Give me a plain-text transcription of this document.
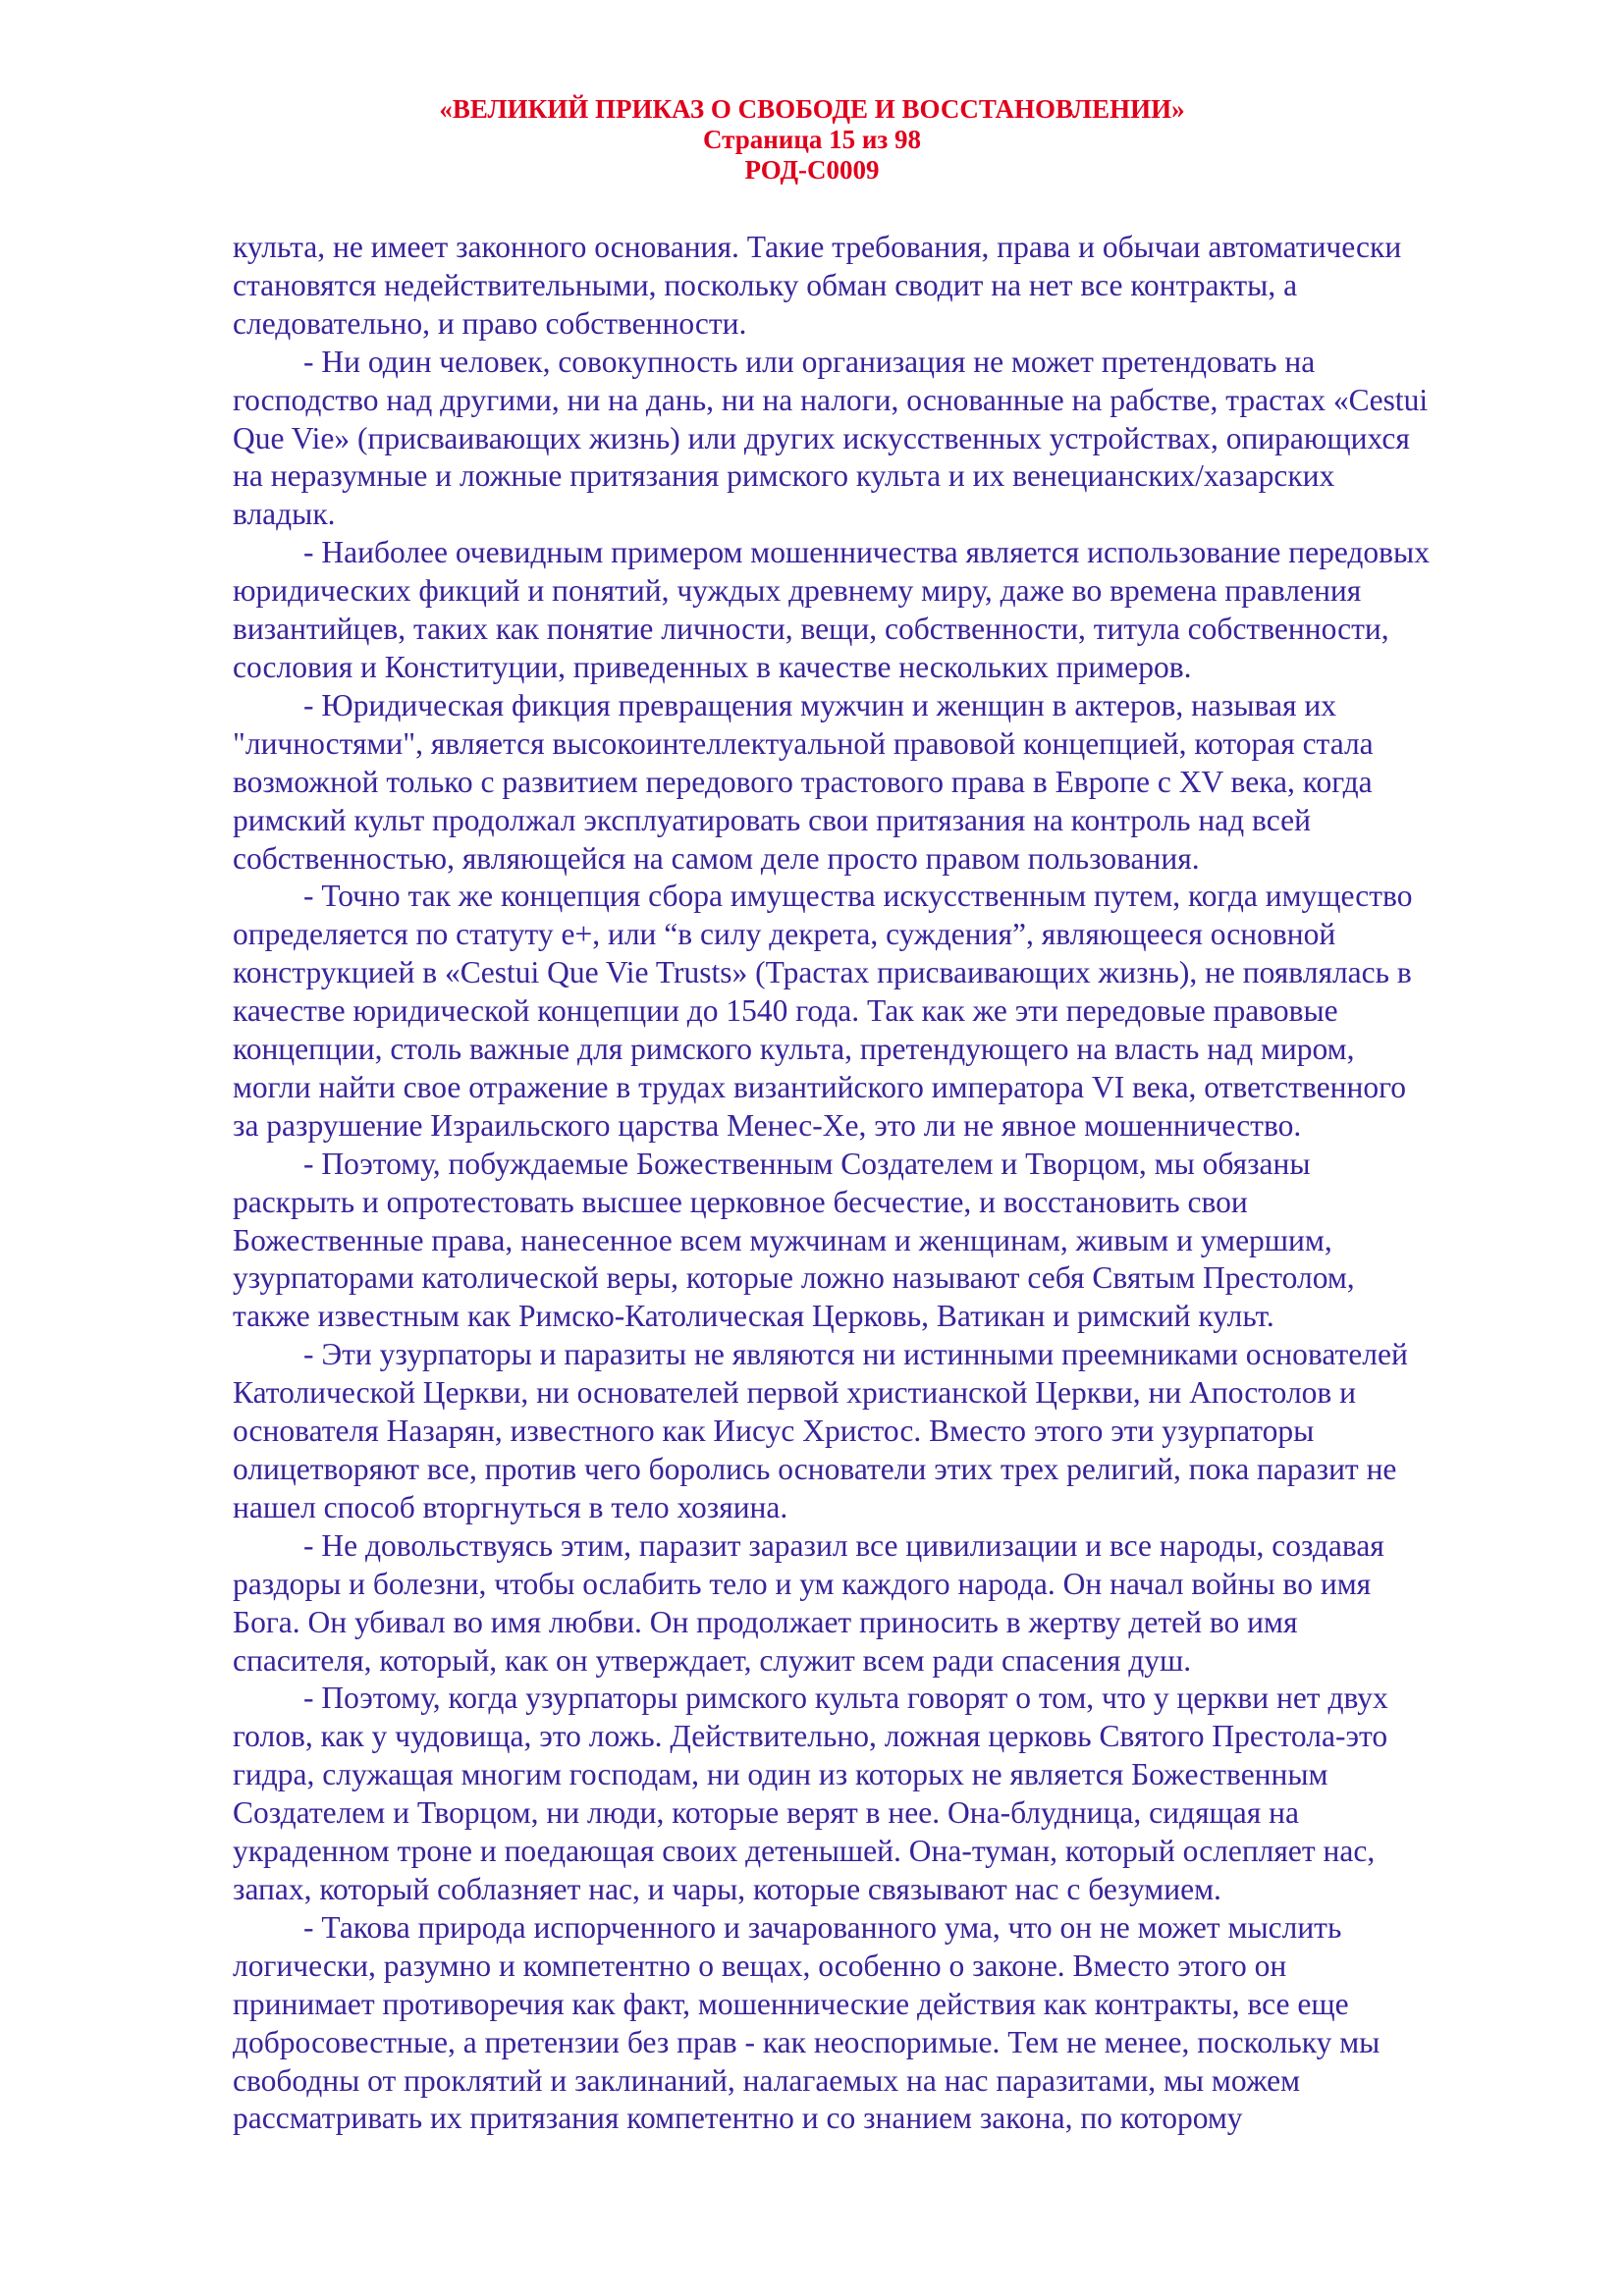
«ВЕЛИКИЙ ПРИКАЗ О СВОБОДЕ И ВОССТАНОВЛЕНИИ»
Страница 15 из 98
РОД-С0009
культа, не имеет законного основания. Такие требования, права и обычаи автоматически
становятся недействительными, поскольку обман сводит на нет все контракты, а
следовательно, и право собственности.
- Ни один человек, совокупность или организация не может претендовать на
господство над другими, ни на дань, ни на налоги, основанные на рабстве, трастах «Cestui
Que Vie» (присваивающих жизнь) или других искусственных устройствах, опирающихся
на неразумные и ложные притязания римского культа и их венецианских/хазарских
владык.
- Наиболее очевидным примером мошенничества является использование передовых
юридических фикций и понятий, чуждых древнему миру, даже во времена правления
византийцев, таких как понятие личности, вещи, собственности, титула собственности,
сословия и Конституции, приведенных в качестве нескольких примеров.
- Юридическая фикция превращения мужчин и женщин в актеров, называя их
"личностями", является высокоинтеллектуальной правовой концепцией, которая стала
возможной только с развитием передового трастового права в Европе с XV века, когда
римский культ продолжал эксплуатировать свои притязания на контроль над всей
собственностью, являющейся на самом деле просто правом пользования.
- Точно так же концепция сбора имущества искусственным путем, когда имущество
определяется по статуту е+, или “в силу декрета, суждения”, являющееся основной
конструкцией в «Cestui Que Vie Trusts» (Трастах присваивающих жизнь), не появлялась в
качестве юридической концепции до 1540 года. Так как же эти передовые правовые
концепции, столь важные для римского культа, претендующего на власть над миром,
могли найти свое отражение в трудах византийского императора VI века, ответственного
за разрушение Израильского царства Менес-Хе, это ли не явное мошенничество.
- Поэтому, побуждаемые Божественным Создателем и Творцом, мы обязаны
раскрыть и опротестовать высшее церковное бесчестие, и восстановить свои
Божественные права, нанесенное всем мужчинам и женщинам, живым и умершим,
узурпаторами католической веры, которые ложно называют себя Святым Престолом,
также известным как Римско-Католическая Церковь, Ватикан и римский культ.
- Эти узурпаторы и паразиты не являются ни истинными преемниками основателей
Католической Церкви, ни основателей первой христианской Церкви, ни Апостолов и
основателя Назарян, известного как Иисус Христос. Вместо этого эти узурпаторы
олицетворяют все, против чего боролись основатели этих трех религий, пока паразит не
нашел способ вторгнуться в тело хозяина.
- Не довольствуясь этим, паразит заразил все цивилизации и все народы, создавая
раздоры и болезни, чтобы ослабить тело и ум каждого народа. Он начал войны во имя
Бога. Он убивал во имя любви. Он продолжает приносить в жертву детей во имя
спасителя, который, как он утверждает, служит всем ради спасения душ.
- Поэтому, когда узурпаторы римского культа говорят о том, что у церкви нет двух
голов, как у чудовища, это ложь. Действительно, ложная церковь Святого Престола-это
гидра, служащая многим господам, ни один из которых не является Божественным
Создателем и Творцом, ни люди, которые верят в нее. Она-блудница, сидящая на
украденном троне и поедающая своих детенышей. Она-туман, который ослепляет нас,
запах, который соблазняет нас, и чары, которые связывают нас с безумием.
- Такова природа испорченного и зачарованного ума, что он не может мыслить
логически, разумно и компетентно о вещах, особенно о законе. Вместо этого он
принимает противоречия как факт, мошеннические действия как контракты, все еще
добросовестные, а претензии без прав - как неоспоримые. Тем не менее, поскольку мы
свободны от проклятий и заклинаний, налагаемых на нас паразитами, мы можем
рассматривать их притязания компетентно и со знанием закона, по которому
